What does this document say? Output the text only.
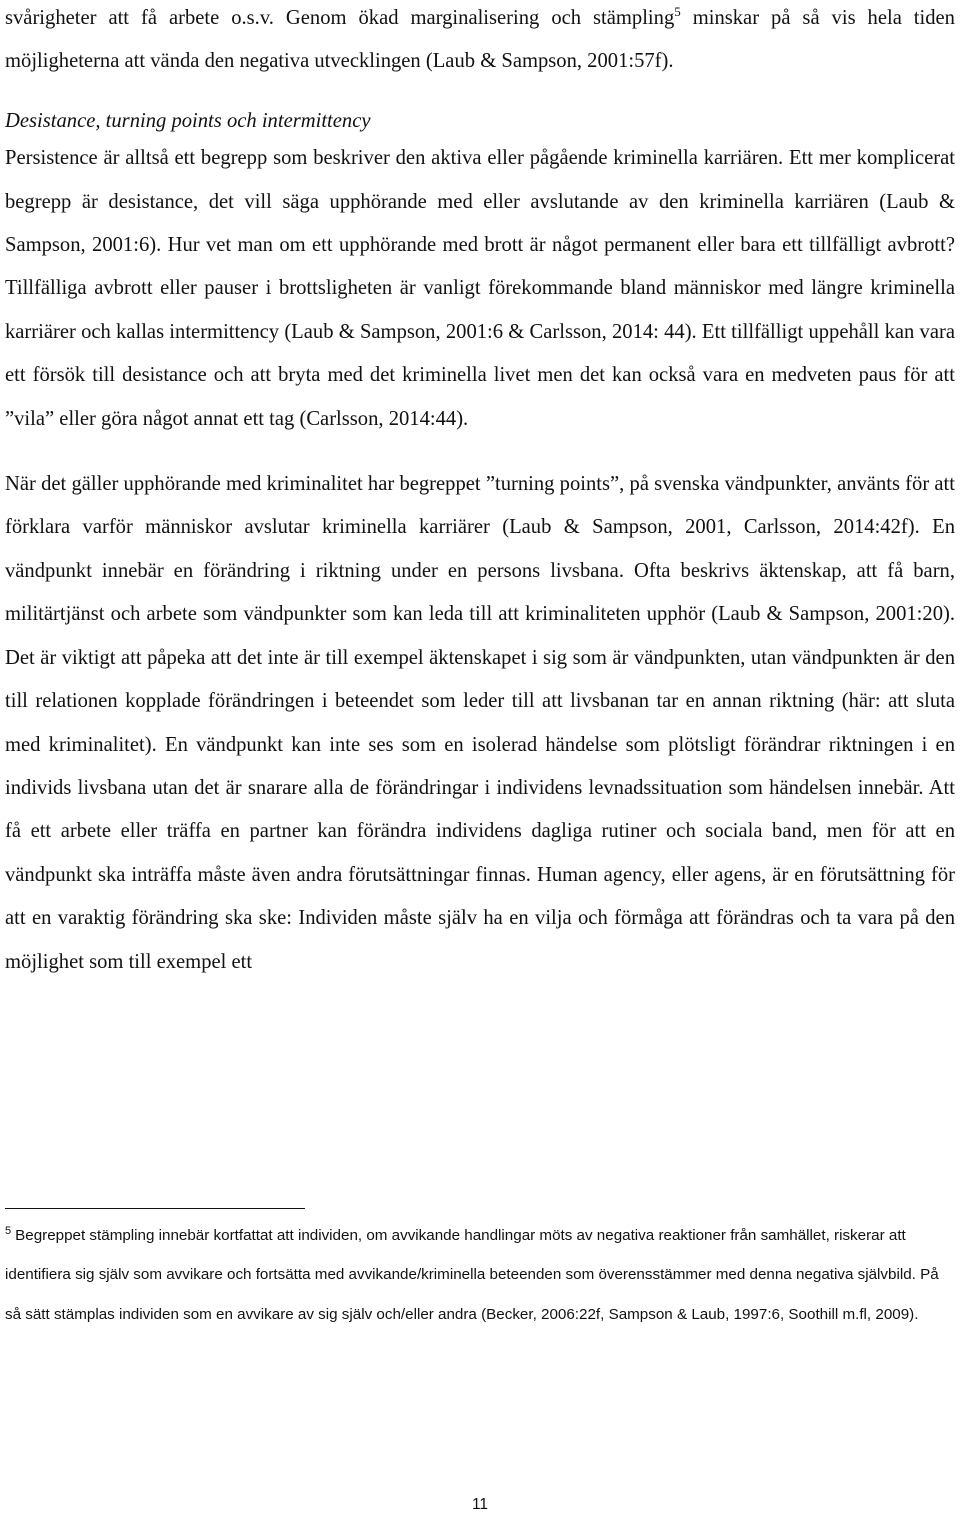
svårigheter att få arbete o.s.v. Genom ökad marginalisering och stämpling$^5$ minskar på så vis hela tiden möjligheterna att vända den negativa utvecklingen (Laub & Sampson, 2001:57f).

Desistance, turning points och intermittency

Persistence är alltså ett begrepp som beskriver den aktiva eller pågående kriminella karriären. Ett mer komplicerat begrepp är desistance, det vill säga upphörande med eller avslutande av den kriminella karriären (Laub & Sampson, 2001:6). Hur vet man om ett upphörande med brott är något permanent eller bara ett tillfälligt avbrott? Tillfälliga avbrott eller pauser i brottsligheten är vanligt förekommande bland människor med längre kriminella karriärer och kallas intermittency (Laub & Sampson, 2001:6 & Carlsson, 2014: 44). Ett tillfälligt uppehåll kan vara ett försök till desistance och att bryta med det kriminella livet men det kan också vara en medveten paus för att ”vila” eller göra något annat ett tag (Carlsson, 2014:44).

När det gäller upphörande med kriminalitet har begreppet ”turning points”, på svenska vändpunkter, använts för att förklara varför människor avslutar kriminella karriärer (Laub & Sampson, 2001, Carlsson, 2014:42f). En vändpunkt innebär en förändring i riktning under en persons livsbana. Ofta beskrivs äktenskap, att få barn, militärtjänst och arbete som vändpunkter som kan leda till att kriminaliteten upphör (Laub & Sampson, 2001:20). Det är viktigt att påpeka att det inte är till exempel äktenskapet i sig som är vändpunkten, utan vändpunkten är den till relationen kopplade förändringen i beteendet som leder till att livsbanan tar en annan riktning (här: att sluta med kriminalitet). En vändpunkt kan inte ses som en isolerad händelse som plötsligt förändrar riktningen i en individs livsbana utan det är snarare alla de förändringar i individens levnadssituation som händelsen innebär. Att få ett arbete eller träffa en partner kan förändra individens dagliga rutiner och sociala band, men för att en vändpunkt ska inträffa måste även andra förutsättningar finnas. Human agency, eller agens, är en förutsättning för att en varaktig förändring ska ske: Individen måste själv ha en vilja och förmåga att förändras och ta vara på den möjlighet som till exempel ett

$^5$ Begreppet stämpling innebär kortfattat att individen, om avvikande handlingar möts av negativa reaktioner från samhället, riskerar att identifiera sig själv som avvikare och fortsätta med avvikande/kriminella beteenden som överensstämmer med denna negativa självbild. På så sätt stämplas individen som en avvikare av sig själv och/eller andra (Becker, 2006:22f, Sampson & Laub, 1997:6, Soothill m.fl, 2009).
11
